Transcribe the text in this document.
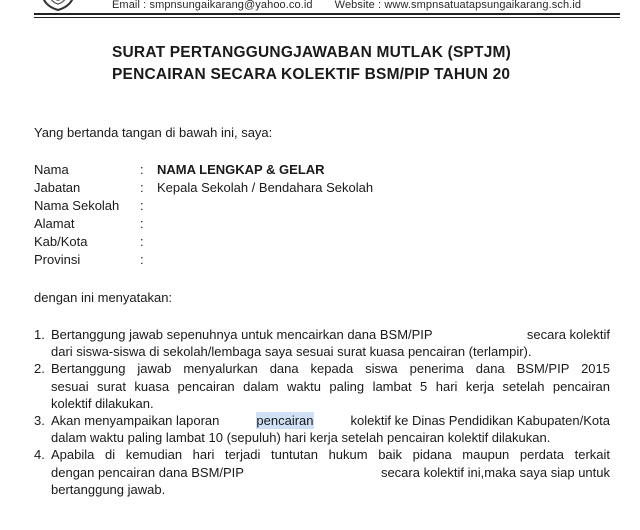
Email : smpnsungaikarang@yahoo.co.id Website : www.smpnsatuatapsungaikarang.sch.id
SURAT PERTANGGUNGJAWABAN MUTLAK (SPTJM)
PENCAIRAN SECARA KOLEKTIF BSM/PIP TAHUN 20
Yang bertanda tangan di bawah ini, saya:
Nama	: NAMA LENGKAP & GELAR
Jabatan	: Kepala Sekolah / Bendahara Sekolah
Nama Sekolah :
Alamat	:
Kab/Kota	:
Provinsi	:
dengan ini menyatakan:
1. Bertanggung jawab sepenuhnya untuk mencairkan dana BSM/PIP	secara kolektif
dari siswa-siswa di sekolah/lembaga saya sesuai surat kuasa pencairan (terlampir).
2. Bertanggung jawab menyalurkan dana kepada siswa penerima dana BSM/PIP 2015
sesuai surat kuasa pencairan dalam waktu paling lambat 5 hari kerja setelah pencairan
kolektif dilakukan.
3. Akan menyampaikan laporan	pencairan	kolektif ke Dinas Pendidikan Kabupaten/Kota
dalam waktu paling lambat 10 (sepuluh) hari kerja setelah pencairan kolektif dilakukan.
4. Apabila di kemudian hari terjadi tuntutan hukum baik pidana maupun perdata terkait
dengan pencairan dana BSM/PIP	secara kolektif ini,maka saya siap untuk
bertanggung jawab.
